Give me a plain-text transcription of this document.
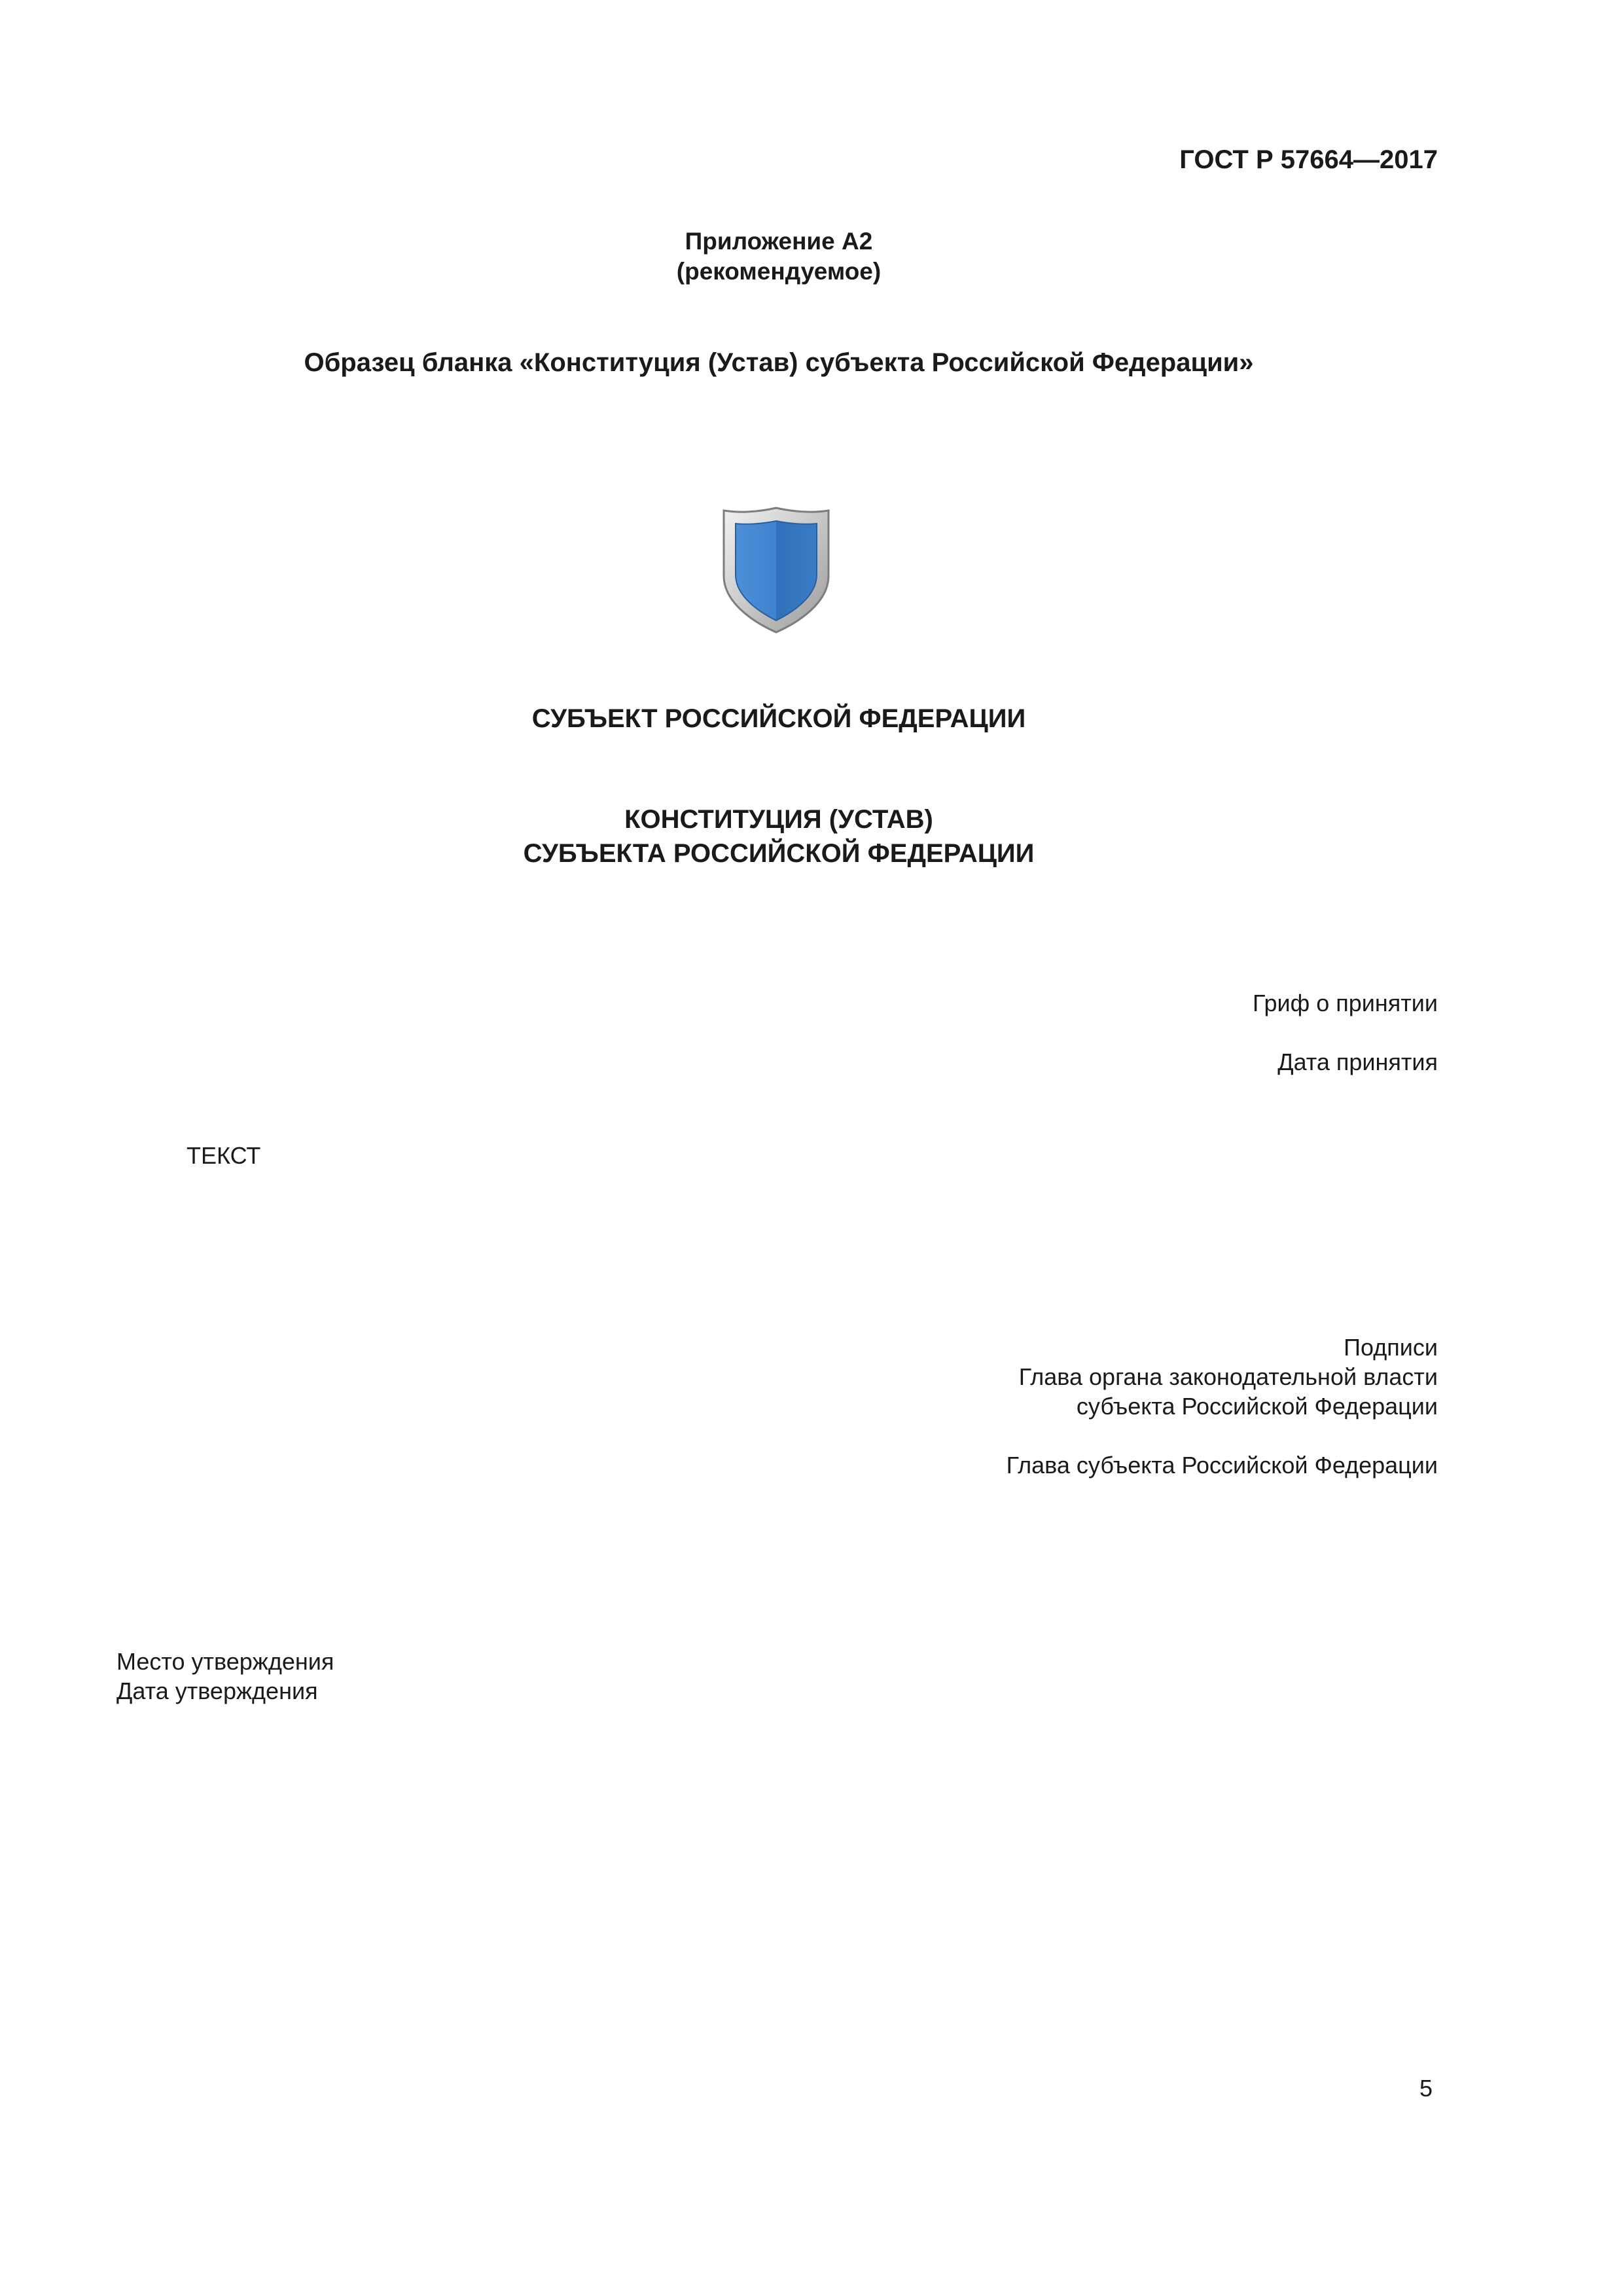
ГОСТ Р 57664—2017
Приложение А2
(рекомендуемое)
Образец бланка «Конституция (Устав) субъекта Российской Федерации»
СУБЪЕКТ РОССИЙСКОЙ ФЕДЕРАЦИИ
КОНСТИТУЦИЯ (УСТАВ)
СУБЪЕКТА РОССИЙСКОЙ ФЕДЕРАЦИИ
Гриф о принятии
Дата принятия
ТЕКСТ
Подписи
Глава органа законодательной власти
субъекта Российской Федерации
Глава субъекта Российской Федерации
Место утверждения
Дата утверждения
5
